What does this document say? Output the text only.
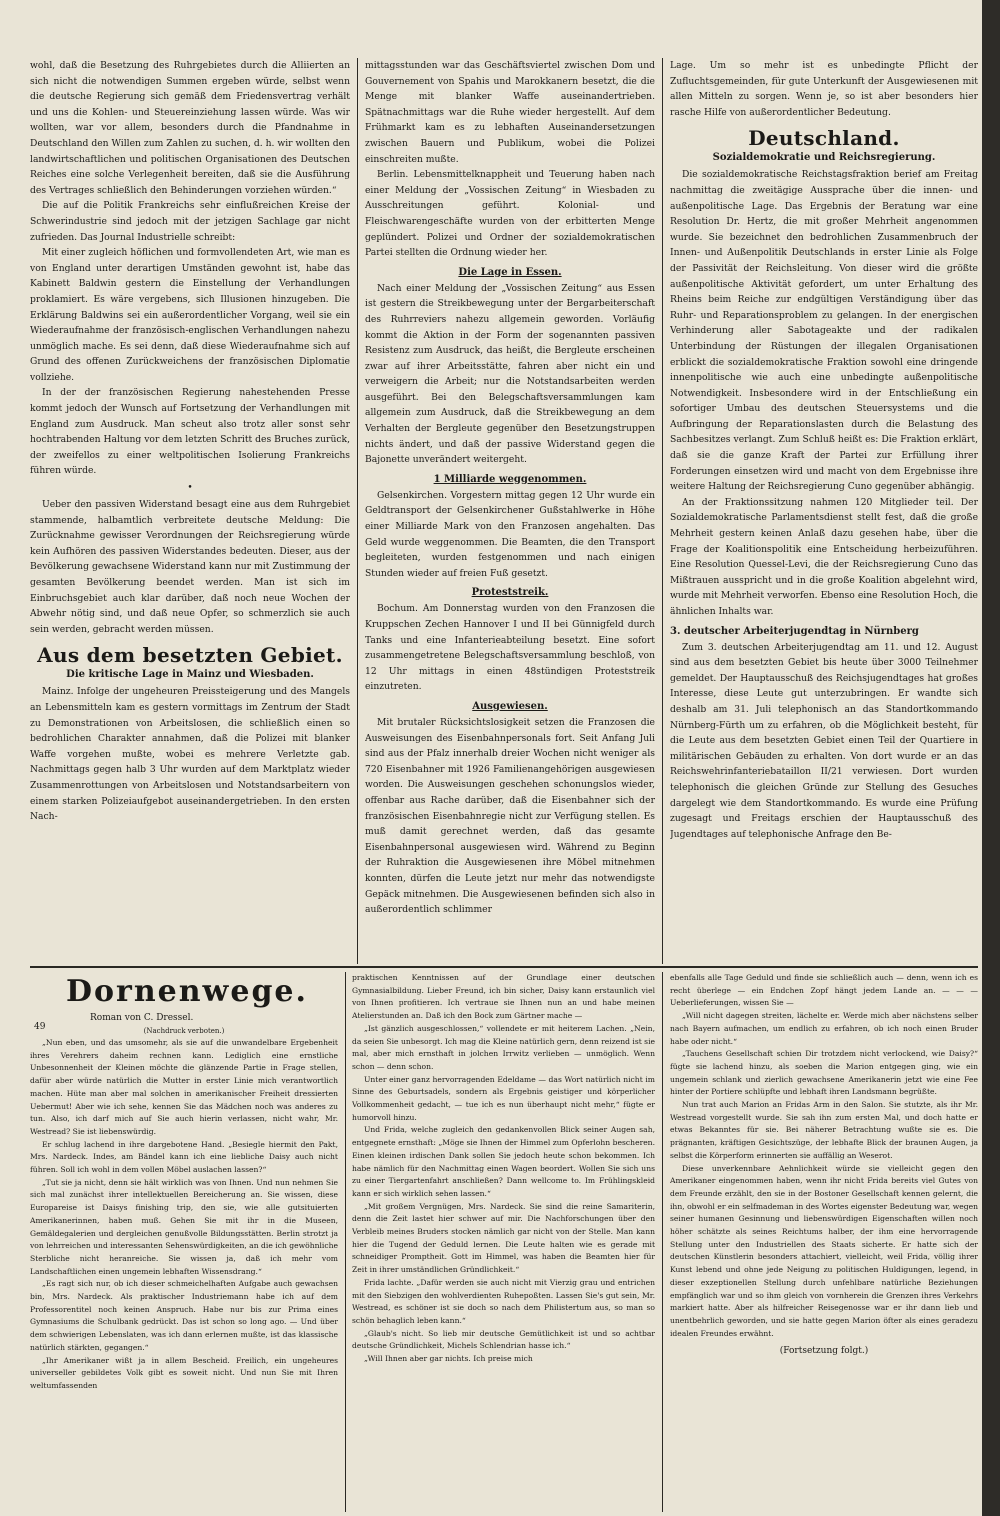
wohl, daß die Besetzung des Ruhrgebietes durch die Alliierten an sich nicht die notwendigen Summen ergeben würde, selbst wenn die deutsche Regierung sich gemäß dem Friedensvertrag verhält und uns die Kohlen- und Steuereinziehung lassen würde. Was wir wollten, war vor allem, besonders durch die Pfandnahme in Deutschland den Willen zum Zahlen zu suchen, d. h. wir wollten den landwirtschaftlichen und politischen Organisationen des Deutschen Reiches eine solche Verlegenheit bereiten, daß sie die Ausführung des Vertrages schließlich den Behinderungen vorziehen würden.“

Die auf die Politik Frankreichs sehr einflußreichen Kreise der Schwerindustrie sind jedoch mit der jetzigen Sachlage gar nicht zufrieden. Das Journal Industrielle schreibt:

Mit einer zugleich höflichen und formvollendeten Art, wie man es von England unter derartigen Umständen gewohnt ist, habe das Kabinett Baldwin gestern die Einstellung der Verhandlungen proklamiert. Es wäre vergebens, sich Illusionen hinzugeben. Die Erklärung Baldwins sei ein außerordentlicher Vorgang, weil sie ein Wiederaufnahme der französisch-englischen Verhandlungen nahezu unmöglich mache. Es sei denn, daß diese Wiederaufnahme sich auf Grund des offenen Zurückweichens der französischen Diplomatie vollziehe.

In der der französischen Regierung nahestehenden Presse kommt jedoch der Wunsch auf Fortsetzung der Verhandlungen mit England zum Ausdruck. Man scheut also trotz aller sonst sehr hochtrabenden Haltung vor dem letzten Schritt des Bruches zurück, der zweifellos zu einer weltpolitischen Isolierung Frankreichs führen würde.

•

Ueber den passiven Widerstand besagt eine aus dem Ruhrgebiet stammende, halbamtlich verbreitete deutsche Meldung: Die Zurücknahme gewisser Verordnungen der Reichsregierung würde kein Aufhören des passiven Widerstandes bedeuten. Dieser, aus der Bevölkerung gewachsene Widerstand kann nur mit Zustimmung der gesamten Bevölkerung beendet werden. Man ist sich im Einbruchsgebiet auch klar darüber, daß noch neue Wochen der Abwehr nötig sind, und daß neue Opfer, so schmerzlich sie auch sein werden, gebracht werden müssen.

Aus dem besetzten Gebiet.
Die kritische Lage in Mainz und Wiesbaden.

Mainz. Infolge der ungeheuren Preissteigerung und des Mangels an Lebensmitteln kam es gestern vormittags im Zentrum der Stadt zu Demonstrationen von Arbeitslosen, die schließlich einen so bedrohlichen Charakter annahmen, daß die Polizei mit blanker Waffe vorgehen mußte, wobei es mehrere Verletzte gab. Nachmittags gegen halb 3 Uhr wurden auf dem Marktplatz wieder Zusammenrottungen von Arbeitslosen und Notstandsarbeitern von einem starken Polizeiaufgebot auseinandergetrieben. In den ersten Nach-

mittagsstunden war das Geschäftsviertel zwischen Dom und Gouvernement von Spahis und Marokkanern besetzt, die die Menge mit blanker Waffe auseinandertrieben. Spätnachmittags war die Ruhe wieder hergestellt. Auf dem Frühmarkt kam es zu lebhaften Auseinandersetzungen zwischen Bauern und Publikum, wobei die Polizei einschreiten mußte.

Berlin. Lebensmittelknappheit und Teuerung haben nach einer Meldung der „Vossischen Zeitung“ in Wiesbaden zu Ausschreitungen geführt. Kolonial- und Fleischwarengeschäfte wurden von der erbitterten Menge geplündert. Polizei und Ordner der sozialdemokratischen Partei stellten die Ordnung wieder her.

Die Lage in Essen.

Nach einer Meldung der „Vossischen Zeitung“ aus Essen ist gestern die Streikbewegung unter der Bergarbeiterschaft des Ruhrreviers nahezu allgemein geworden. Vorläufig kommt die Aktion in der Form der sogenannten passiven Resistenz zum Ausdruck, das heißt, die Bergleute erscheinen zwar auf ihrer Arbeitsstätte, fahren aber nicht ein und verweigern die Arbeit; nur die Notstandsarbeiten werden ausgeführt. Bei den Belegschaftsversammlungen kam allgemein zum Ausdruck, daß die Streikbewegung an dem Verhalten der Bergleute gegenüber den Besetzungstruppen nichts ändert, und daß der passive Widerstand gegen die Bajonette unverändert weitergeht.

1 Milliarde weggenommen.

Gelsenkirchen. Vorgestern mittag gegen 12 Uhr wurde ein Geldtransport der Gelsenkirchener Gußstahlwerke in Höhe einer Milliarde Mark von den Franzosen angehalten. Das Geld wurde weggenommen. Die Beamten, die den Transport begleiteten, wurden festgenommen und nach einigen Stunden wieder auf freien Fuß gesetzt.

Proteststreik.

Bochum. Am Donnerstag wurden von den Franzosen die Kruppschen Zechen Hannover I und II bei Günnigfeld durch Tanks und eine Infanterieabteilung besetzt. Eine sofort zusammengetretene Belegschaftsversammlung beschloß, von 12 Uhr mittags in einen 48stündigen Proteststreik einzutreten.

Ausgewiesen.

Mit brutaler Rücksichtslosigkeit setzen die Franzosen die Ausweisungen des Eisenbahnpersonals fort. Seit Anfang Juli sind aus der Pfalz innerhalb dreier Wochen nicht weniger als 720 Eisenbahner mit 1926 Familienangehörigen ausgewiesen worden. Die Ausweisungen geschehen schonungslos wieder, offenbar aus Rache darüber, daß die Eisenbahner sich der französischen Eisenbahnregie nicht zur Verfügung stellen. Es muß damit gerechnet werden, daß das gesamte Eisenbahnpersonal ausgewiesen wird. Während zu Beginn der Ruhraktion die Ausgewiesenen ihre Möbel mitnehmen konnten, dürfen die Leute jetzt nur mehr das notwendigste Gepäck mitnehmen. Die Ausgewiesenen befinden sich also in außerordentlich schlimmer

Lage. Um so mehr ist es unbedingte Pflicht der Zufluchtsgemeinden, für gute Unterkunft der Ausgewiesenen mit allen Mitteln zu sorgen. Wenn je, so ist aber besonders hier rasche Hilfe von außerordentlicher Bedeutung.

Deutschland.
Sozialdemokratie und Reichsregierung.

Die sozialdemokratische Reichstagsfraktion berief am Freitag nachmittag die zweitägige Aussprache über die innen- und außenpolitische Lage. Das Ergebnis der Beratung war eine Resolution Dr. Hertz, die mit großer Mehrheit angenommen wurde. Sie bezeichnet den bedrohlichen Zusammenbruch der Innen- und Außenpolitik Deutschlands in erster Linie als Folge der Passivität der Reichsleitung. Von dieser wird die größte außenpolitische Aktivität gefordert, um unter Erhaltung des Rheins beim Reiche zur endgültigen Verständigung über das Ruhr- und Reparationsproblem zu gelangen. In der energischen Verhinderung aller Sabotageakte und der radikalen Unterbindung der Rüstungen der illegalen Organisationen erblickt die sozialdemokratische Fraktion sowohl eine dringende innenpolitische wie auch eine unbedingte außenpolitische Notwendigkeit. Insbesondere wird in der Entschließung ein sofortiger Umbau des deutschen Steuersystems und die Aufbringung der Reparationslasten durch die Belastung des Sachbesitzes verlangt. Zum Schluß heißt es: Die Fraktion erklärt, daß sie die ganze Kraft der Partei zur Erfüllung ihrer Forderungen einsetzen wird und macht von dem Ergebnisse ihre weitere Haltung der Reichsregierung Cuno gegenüber abhängig.

An der Fraktionssitzung nahmen 120 Mitglieder teil. Der Sozialdemokratische Parlamentsdienst stellt fest, daß die große Mehrheit gestern keinen Anlaß dazu gesehen habe, über die Frage der Koalitionspolitik eine Entscheidung herbeizuführen. Eine Resolution Quessel-Levi, die der Reichsregierung Cuno das Mißtrauen ausspricht und in die große Koalition abgelehnt wird, wurde mit Mehrheit verworfen. Ebenso eine Resolution Hoch, die ähnlichen Inhalts war.

3. deutscher Arbeiterjugendtag in Nürnberg

Zum 3. deutschen Arbeiterjugendtag am 11. und 12. August sind aus dem besetzten Gebiet bis heute über 3000 Teilnehmer gemeldet. Der Hauptausschuß des Reichsjugendtages hat großes Interesse, diese Leute gut unterzubringen. Er wandte sich deshalb am 31. Juli telephonisch an das Standortkommando Nürnberg-Fürth um zu erfahren, ob die Möglichkeit besteht, für die Leute aus dem besetzten Gebiet einen Teil der Quartiere in militärischen Gebäuden zu erhalten. Von dort wurde er an das Reichswehrinfanteriebataillon II/21 verwiesen. Dort wurden telephonisch die gleichen Gründe zur Stellung des Gesuches dargelegt wie dem Standortkommando. Es wurde eine Prüfung zugesagt und Freitags erschien der Hauptausschuß des Jugendtages auf telephonische Anfrage den Be-

49
Dornenwege.
Roman von C. Dressel.
(Nachdruck verboten.)

„Nun eben, und das umsomehr, als sie auf die unwandelbare Ergebenheit ihres Verehrers daheim rechnen kann. Lediglich eine ernstliche Unbesonnenheit der Kleinen möchte die glänzende Partie in Frage stellen, dafür aber würde natürlich die Mutter in erster Linie mich verantwortlich machen. Hüte man aber mal solchen in amerikanischer Freiheit dressierten Uebermut! Aber wie ich sehe, kennen Sie das Mädchen noch was anderes zu tun. Also, ich darf mich auf Sie auch hierin verlassen, nicht wahr, Mr. Westread? Sie ist liebenswürdig.

Er schlug lachend in ihre dargebotene Hand. „Besiegle hiermit den Pakt, Mrs. Nardeck. Indes, am Bändel kann ich eine liebliche Daisy auch nicht führen. Soll ich wohl in dem vollen Möbel auslachen lassen?“

„Tut sie ja nicht, denn sie hält wirklich was von Ihnen. Und nun nehmen Sie sich mal zunächst ihrer intellektuellen Bereicherung an. Sie wissen, diese Europareise ist Daisys finishing trip, den sie, wie alle gutsituierten Amerikanerinnen, haben muß. Gehen Sie mit ihr in die Museen, Gemäldegalerien und dergleichen genußvolle Bildungsstätten. Berlin strotzt ja von lehrreichen und interessanten Sehenswürdigkeiten, an die ich gewöhnliche Sterbliche nicht heranreiche. Sie wissen ja, daß ich mehr vom Landschaftlichen einen ungemein lebhaften Wissensdrang.“

„Es ragt sich nur, ob ich dieser schmeichelhaften Aufgabe auch gewachsen bin, Mrs. Nardeck. Als praktischer Industriemann habe ich auf dem Professorentitel noch keinen Anspruch. Habe nur bis zur Prima eines Gymnasiums die Schulbank gedrückt. Das ist schon so long ago. — Und über dem schwierigen Lebenslaten, was ich dann erlernen mußte, ist das klassische natürlich stärkten, gegangen.“

„Ihr Amerikaner wißt ja in allem Bescheid. Freilich, ein ungeheures universeller gebildetes Volk gibt es soweit nicht. Und nun Sie mit Ihren weltumfassenden

praktischen Kenntnissen auf der Grundlage einer deutschen Gymnasialbildung. Lieber Freund, ich bin sicher, Daisy kann erstaunlich viel von Ihnen profitieren. Ich vertraue sie Ihnen nun an und habe meinen Atelierstunden an. Daß ich den Bock zum Gärtner mache —

„Ist gänzlich ausgeschlossen,“ vollendete er mit heiterem Lachen. „Nein, da seien Sie unbesorgt. Ich mag die Kleine natürlich gern, denn reizend ist sie mal, aber mich ernsthaft in jolchen Irrwitz verlieben — unmöglich. Wenn schon — denn schon.

Unter einer ganz hervorragenden Edeldame — das Wort natürlich nicht im Sinne des Geburtsadels, sondern als Ergebnis geistiger und körperlicher Vollkommenheit gedacht, — tue ich es nun überhaupt nicht mehr,“ fügte er humorvoll hinzu.

Und Frida, welche zugleich den gedankenvollen Blick seiner Augen sah, entgegnete ernsthaft: „Möge sie Ihnen der Himmel zum Opferlohn bescheren. Einen kleinen irdischen Dank sollen Sie jedoch heute schon bekommen. Ich habe nämlich für den Nachmittag einen Wagen beordert. Wollen Sie sich uns zu einer Tiergartenfahrt anschließen? Dann wellcome to. Im Frühlingskleid kann er sich wirklich sehen lassen.“

„Mit großem Vergnügen, Mrs. Nardeck. Sie sind die reine Samariterin, denn die Zeit lastet hier schwer auf mir. Die Nachforschungen über den Verbleib meines Bruders stocken nämlich gar nicht von der Stelle. Man kann hier die Tugend der Geduld lernen. Die Leute halten wie es gerade mit schneidiger Promptheit. Gott im Himmel, was haben die Beamten hier für Zeit in ihrer umständlichen Gründlichkeit.“

Frida lachte. „Dafür werden sie auch nicht mit Vierzig grau und entrichen mit den Siebzigen den wohlverdienten Ruhepoßten. Lassen Sie's gut sein, Mr. Westread, es schöner ist sie doch so nach dem Philistertum aus, so man so schön behaglich leben kann.“

„Glaub's nicht. So lieb mir deutsche Gemütlichkeit ist und so achtbar deutsche Gründlichkeit, Michels Schlendrian hasse ich.“

„Will Ihnen aber gar nichts. Ich preise mich

ebenfalls alle Tage Geduld und finde sie schließlich auch — denn, wenn ich es recht überlege — ein Endchen Zopf hängt jedem Lande an. — — — Ueberlieferungen, wissen Sie —

„Will nicht dagegen streiten, lächelte er. Werde mich aber nächstens selber nach Bayern aufmachen, um endlich zu erfahren, ob ich noch einen Bruder habe oder nicht.“

„Tauchens Gesellschaft schien Dir trotzdem nicht verlockend, wie Daisy?“ fügte sie lachend hinzu, als soeben die Marion entgegen ging, wie ein ungemein schlank und zierlich gewachsene Amerikanerin jetzt wie eine Fee hinter der Portiere schlüpfte und lebhaft ihren Landsmann begrüßte.

Nun trat auch Marion an Fridas Arm in den Salon. Sie stutzte, als ihr Mr. Westread vorgestellt wurde. Sie sah ihn zum ersten Mal, und doch hatte er etwas Bekanntes für sie. Bei näherer Betrachtung wußte sie es. Die prägnanten, kräftigen Gesichtszüge, der lebhafte Blick der braunen Augen, ja selbst die Körperform erinnerten sie auffällig an Weserot.

Diese unverkennbare Aehnlichkeit würde sie vielleicht gegen den Amerikaner eingenommen haben, wenn ihr nicht Frida bereits viel Gutes von dem Freunde erzählt, den sie in der Bostoner Gesellschaft kennen gelernt, die ihn, obwohl er ein selfmademan in des Wortes eigenster Bedeutung war, wegen seiner humanen Gesinnung und liebenswürdigen Eigenschaften willen noch höher schätzte als seines Reichtums halber, der ihm eine hervorragende Stellung unter den Industriellen des Staats sicherte. Er hatte sich der deutschen Künstlerin besonders attachiert, vielleicht, weil Frida, völlig ihrer Kunst lebend und ohne jede Neigung zu politischen Huldigungen, legend, in dieser exzeptionellen Stellung durch unfehlbare natürliche Beziehungen empfänglich war und so ihm gleich von vornherein die Grenzen ihres Verkehrs markiert hatte. Aber als hilfreicher Reisegenosse war er ihr dann lieb und unentbehrlich geworden, und sie hatte gegen Marion öfter als eines geradezu idealen Freundes erwähnt.

(Fortsetzung folgt.)
